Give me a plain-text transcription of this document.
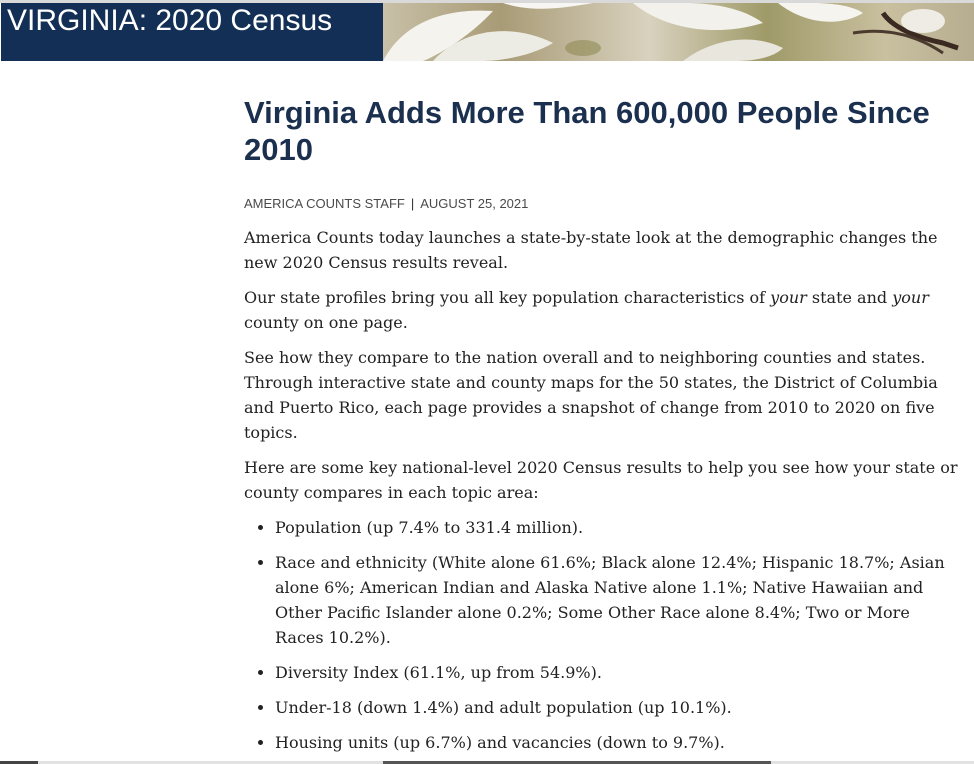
VIRGINIA: 2020 Census
Virginia Adds More Than 600,000 People Since 2010
AMERICA COUNTS STAFF | AUGUST 25, 2021

America Counts today launches a state-by-state look at the demographic changes the new 2020 Census results reveal.

Our state profiles bring you all key population characteristics of your state and your county on one page.

See how they compare to the nation overall and to neighboring counties and states. Through interactive state and county maps for the 50 states, the District of Columbia and Puerto Rico, each page provides a snapshot of change from 2010 to 2020 on five topics.

Here are some key national-level 2020 Census results to help you see how your state or county compares in each topic area:

• Population (up 7.4% to 331.4 million).
• Race and ethnicity (White alone 61.6%; Black alone 12.4%; Hispanic 18.7%; Asian alone 6%; American Indian and Alaska Native alone 1.1%; Native Hawaiian and Other Pacific Islander alone 0.2%; Some Other Race alone 8.4%; Two or More Races 10.2%).
• Diversity Index (61.1%, up from 54.9%).
• Under-18 (down 1.4%) and adult population (up 10.1%).
• Housing units (up 6.7%) and vacancies (down to 9.7%).
